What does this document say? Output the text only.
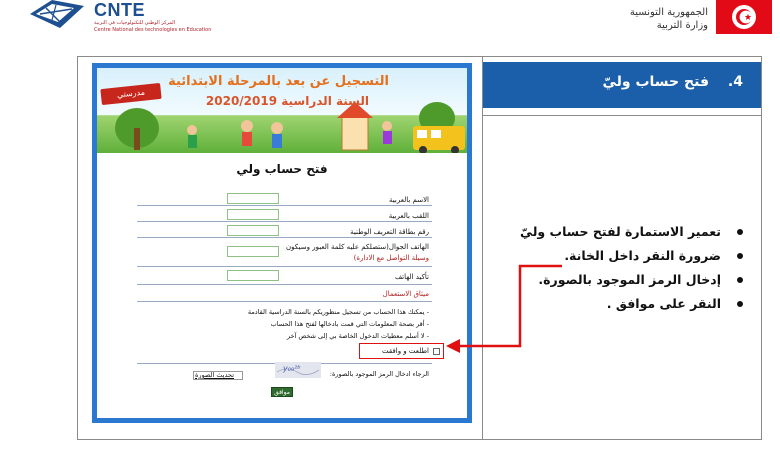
CNTE
المركز الوطني للتكنولوجيات في التربية
Centre National des technologies en Education
الجمهورية التونسية
وزارة التربية
التسجيل عن بعد بالمرحلة الابتدائية
السنة الدراسية 2020/2019
مدرستي
فتح حساب ولي
الاسم بالعربية
اللقب بالعربية
رقم بطاقة التعريف الوطنية
الهاتف الجوال(ستصلكم عليه كلمة العبور وسيكون
وسيلة التواصل مع الادارة)
تأكيد الهاتف
ميثاق الاستعمال
- يمكنك هذا الحساب من تسجيل منظوريكم بالسنة الدراسية القادمة
- أقر بصحة المعلومات التي قمت بادخالها لفتح هذا الحساب
- لا أسلم معطيات الدخول الخاصة بي إلى شخص آخر
اطلعت و وافقت
الرجاء ادخال الرمز الموجود بالصورة:
y₀₉²ᵇ
تحديث الصورة
موافق
4.
فتح حساب وليّ
تعمير الاستمارة لفتح حساب وليّ
ضرورة النقر داخل الخانة.
إدخال الرمز الموجود بالصورة.
النقر على موافق .
